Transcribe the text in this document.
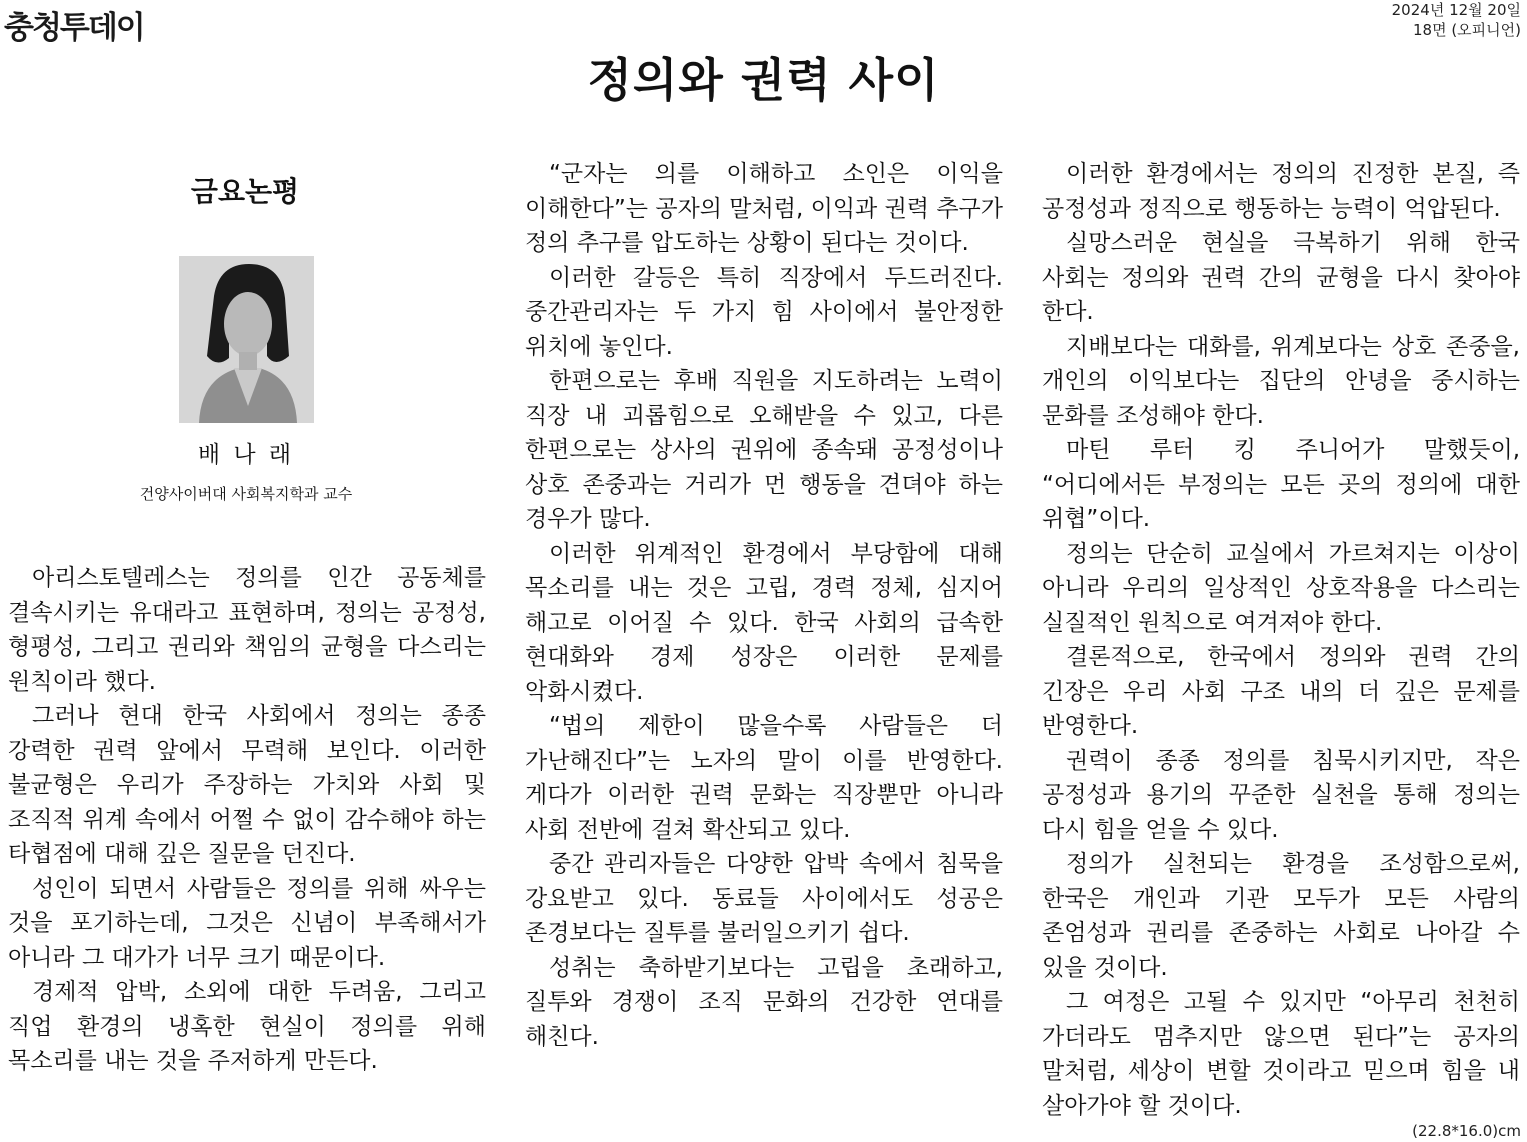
충청투데이	2024년 12월 20일
18면 (오피니언)
정의와 권력 사이
금요논평
배 나 래
건양사이버대 사회복지학과 교수

아리스토텔레스는 정의를 인간 공동체를 결속시키는 유대라고 표현하며, 정의는 공정성, 형평성, 그리고 권리와 책임의 균형을 다스리는 원칙이라 했다.

그러나 현대 한국 사회에서 정의는 종종 강력한 권력 앞에서 무력해 보인다. 이러한 불균형은 우리가 주장하는 가치와 사회 및 조직적 위계 속에서 어쩔 수 없이 감수해야 하는 타협점에 대해 깊은 질문을 던진다.

성인이 되면서 사람들은 정의를 위해 싸우는 것을 포기하는데, 그것은 신념이 부족해서가 아니라 그 대가가 너무 크기 때문이다.

경제적 압박, 소외에 대한 두려움, 그리고 직업 환경의 냉혹한 현실이 정의를 위해 목소리를 내는 것을 주저하게 만든다.

“군자는 의를 이해하고 소인은 이익을 이해한다”는 공자의 말처럼, 이익과 권력 추구가 정의 추구를 압도하는 상황이 된다는 것이다.

이러한 갈등은 특히 직장에서 두드러진다. 중간관리자는 두 가지 힘 사이에서 불안정한 위치에 놓인다.

한편으로는 후배 직원을 지도하려는 노력이 직장 내 괴롭힘으로 오해받을 수 있고, 다른 한편으로는 상사의 권위에 종속돼 공정성이나 상호 존중과는 거리가 먼 행동을 견뎌야 하는 경우가 많다.

이러한 위계적인 환경에서 부당함에 대해 목소리를 내는 것은 고립, 경력 정체, 심지어 해고로 이어질 수 있다. 한국 사회의 급속한 현대화와 경제 성장은 이러한 문제를 악화시켰다.

“법의 제한이 많을수록 사람들은 더 가난해진다”는 노자의 말이 이를 반영한다. 게다가 이러한 권력 문화는 직장뿐만 아니라 사회 전반에 걸쳐 확산되고 있다.

중간 관리자들은 다양한 압박 속에서 침묵을 강요받고 있다. 동료들 사이에서도 성공은 존경보다는 질투를 불러일으키기 쉽다.

성취는 축하받기보다는 고립을 초래하고, 질투와 경쟁이 조직 문화의 건강한 연대를 해친다.

이러한 환경에서는 정의의 진정한 본질, 즉 공정성과 정직으로 행동하는 능력이 억압된다.

실망스러운 현실을 극복하기 위해 한국 사회는 정의와 권력 간의 균형을 다시 찾아야 한다.

지배보다는 대화를, 위계보다는 상호 존중을, 개인의 이익보다는 집단의 안녕을 중시하는 문화를 조성해야 한다.

마틴 루터 킹 주니어가 말했듯이, “어디에서든 부정의는 모든 곳의 정의에 대한 위협”이다.

정의는 단순히 교실에서 가르쳐지는 이상이 아니라 우리의 일상적인 상호작용을 다스리는 실질적인 원칙으로 여겨져야 한다.

결론적으로, 한국에서 정의와 권력 간의 긴장은 우리 사회 구조 내의 더 깊은 문제를 반영한다.

권력이 종종 정의를 침묵시키지만, 작은 공정성과 용기의 꾸준한 실천을 통해 정의는 다시 힘을 얻을 수 있다.

정의가 실천되는 환경을 조성함으로써, 한국은 개인과 기관 모두가 모든 사람의 존엄성과 권리를 존중하는 사회로 나아갈 수 있을 것이다.

그 여정은 고될 수 있지만 “아무리 천천히 가더라도 멈추지만 않으면 된다”는 공자의 말처럼, 세상이 변할 것이라고 믿으며 힘을 내 살아가야 할 것이다.

(22.8*16.0)cm
